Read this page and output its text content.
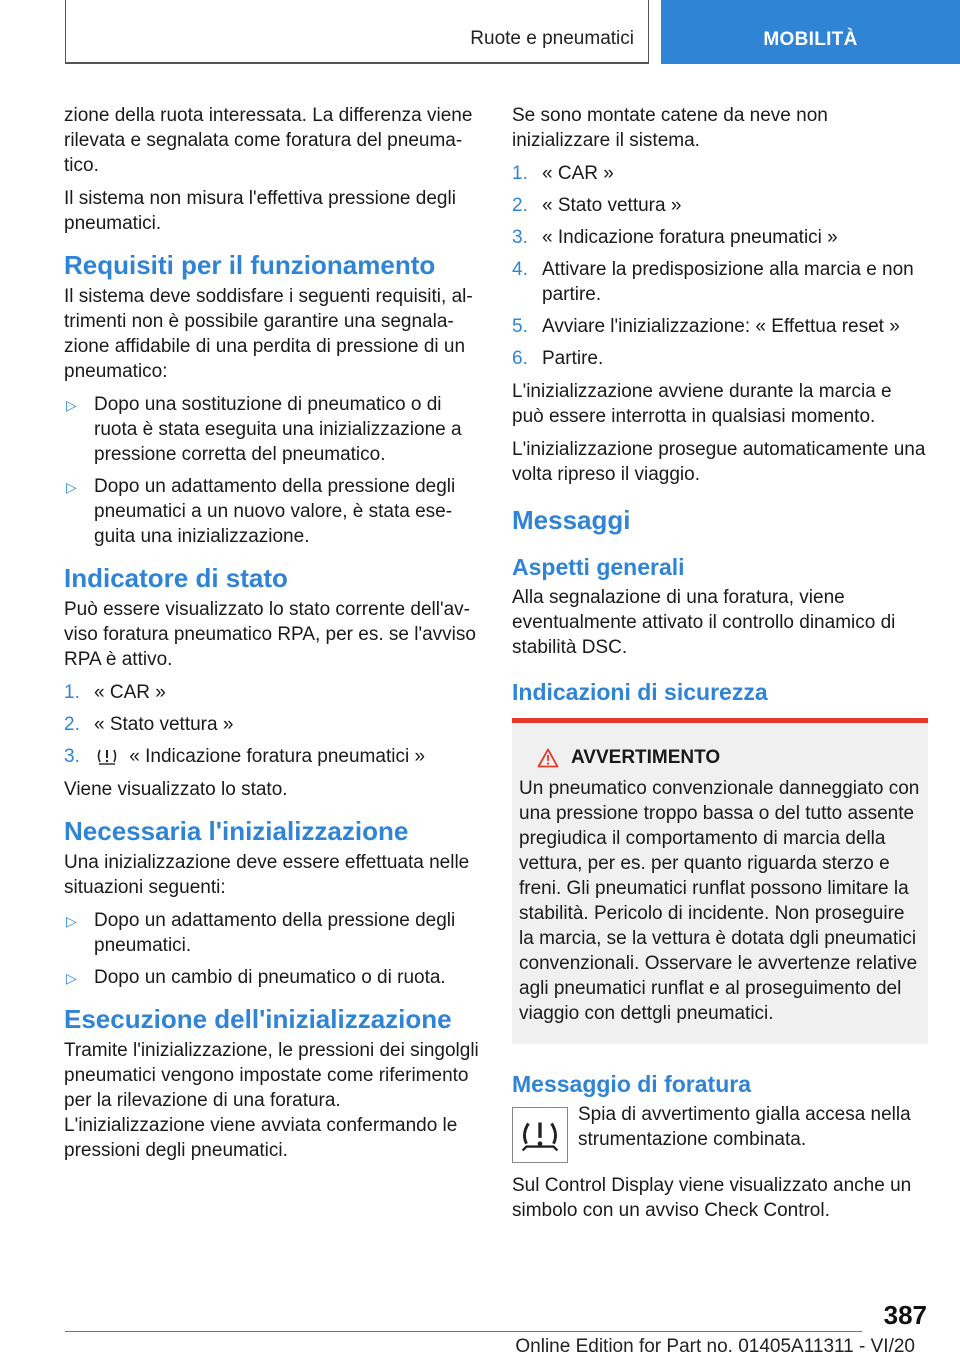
Ruote e pneumatici	MOBILITÀ

zione della ruota interessata. La differenza viene rilevata e segnalata come foratura del pneumatico.

Il sistema non misura l'effettiva pressione degli pneumatici.

Requisiti per il funzionamento

Il sistema deve soddisfare i seguenti requisiti, altrimenti non è possibile garantire una segnalazione affidabile di una perdita di pressione di un pneumatico:

▷ Dopo una sostituzione di pneumatico o di ruota è stata eseguita una inizializzazione a pressione corretta del pneumatico.
▷ Dopo un adattamento della pressione degli pneumatici a un nuovo valore, è stata eseguita una inizializzazione.
Indicatore di stato

Può essere visualizzato lo stato corrente dell'avviso foratura pneumatico RPA, per es. se l'avviso RPA è attivo.

1. « CAR »
2. « Stato vettura »
3.	« Indicazione foratura pneumatici »

Viene visualizzato lo stato.

Necessaria l'inizializzazione

Una inizializzazione deve essere effettuata nelle situazioni seguenti:

▷ Dopo un adattamento della pressione degli pneumatici.
▷ Dopo un cambio di pneumatico o di ruota.
Esecuzione dell'inizializzazione

Tramite l'inizializzazione, le pressioni dei singolgli pneumatici vengono impostate come riferimento per la rilevazione di una foratura. L'inizializzazione viene avviata confermando le pressioni degli pneumatici.

Se sono montate catene da neve non inizializzare il sistema.

1. « CAR »
2. « Stato vettura »
3. « Indicazione foratura pneumatici »
4. Attivare la predisposizione alla marcia e non partire.
5. Avviare l'inizializzazione: « Effettua reset »
6. Partire.

L'inizializzazione avviene durante la marcia e può essere interrotta in qualsiasi momento.

L'inizializzazione prosegue automaticamente una volta ripreso il viaggio.

Messaggi
Aspetti generali

Alla segnalazione di una foratura, viene eventualmente attivato il controllo dinamico di stabilità DSC.

Indicazioni di sicurezza
AVVERTIMENTO
Un pneumatico convenzionale danneggiato con una pressione troppo bassa o del tutto assente pregiudica il comportamento di marcia della vettura, per es. per quanto riguarda sterzo e freni. Gli pneumatici runflat possono limitare la stabilità. Pericolo di incidente. Non proseguire la marcia, se la vettura è dotata dgli pneumatici convenzionali. Osservare le avvertenze relative agli pneumatici runflat e al proseguimento del viaggio con dettgli pneumatici.
Messaggio di foratura

Spia di avvertimento gialla accesa nella strumentazione combinata.

Sul Control Display viene visualizzato anche un simbolo con un avviso Check Control.

387
Online Edition for Part no. 01405A11311 - VI/20
